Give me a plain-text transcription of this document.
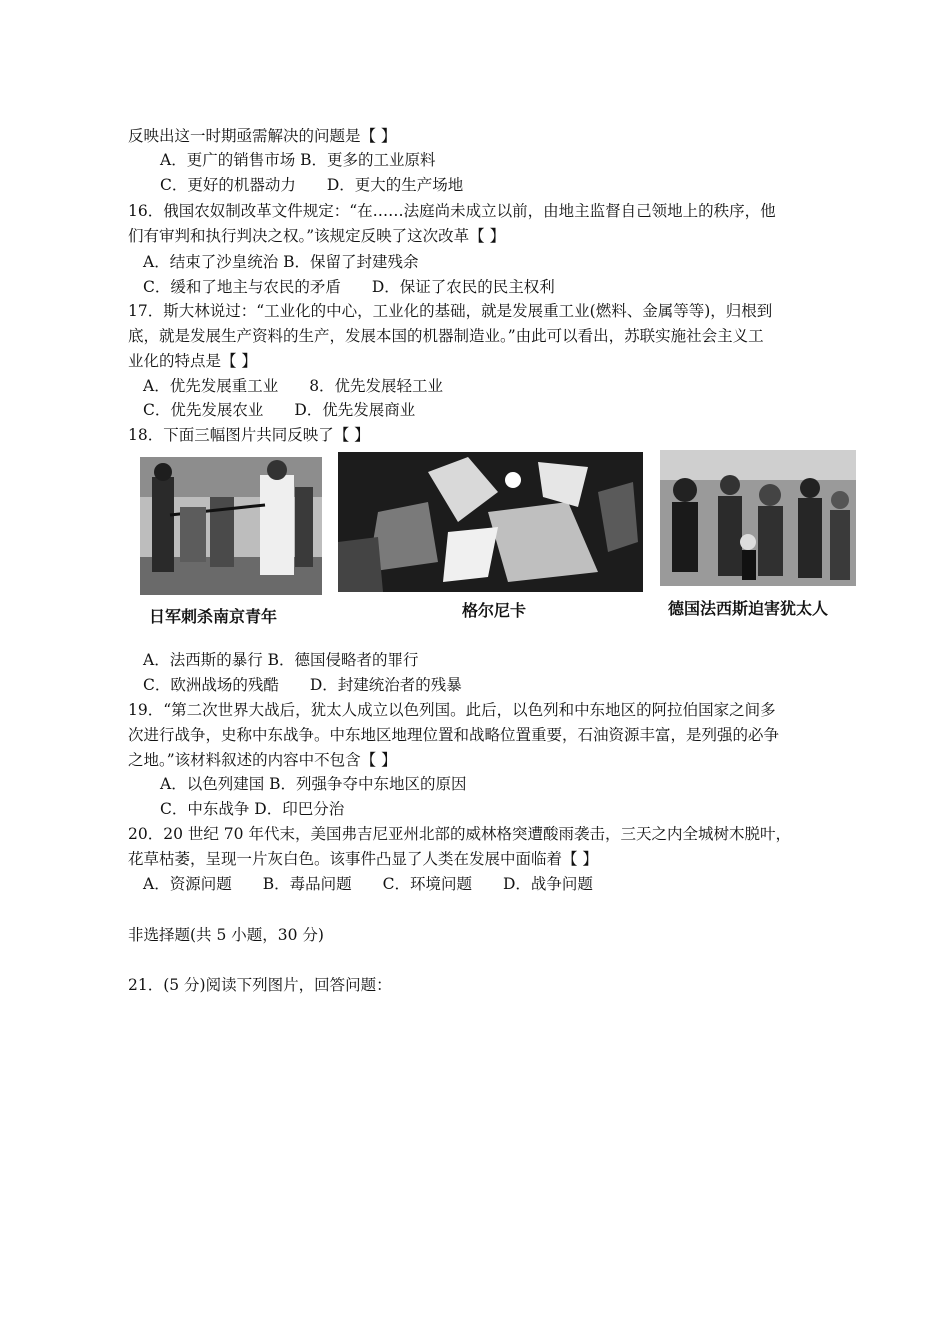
反映出这一时期亟需解决的问题是【 】
A．更广的销售市场 B．更多的工业原料
C．更好的机器动力　　D．更大的生产场地
16．俄国农奴制改革文件规定：“在……法庭尚未成立以前，由地主监督自己领地上的秩序，他
们有审判和执行判决之权。”该规定反映了这次改革【 】
A．结束了沙皇统治 B．保留了封建残余
C．缓和了地主与农民的矛盾　　D．保证了农民的民主权利
17．斯大林说过：“工业化的中心，工业化的基础，就是发展重工业(燃料、金属等等)，归根到
底，就是发展生产资料的生产，发展本国的机器制造业。”由此可以看出，苏联实施社会主义工
业化的特点是【 】
A．优先发展重工业　　8．优先发展轻工业
C．优先发展农业　　D．优先发展商业
18．下面三幅图片共同反映了【 】
日军刺杀南京青年	格尔尼卡	德国法西斯迫害犹太人
A．法西斯的暴行 B．德国侵略者的罪行
C．欧洲战场的残酷　　D．封建统治者的残暴
19．“第二次世界大战后，犹太人成立以色列国。此后，以色列和中东地区的阿拉伯国家之间多
次进行战争，史称中东战争。中东地区地理位置和战略位置重要，石油资源丰富，是列强的必争
之地。”该材料叙述的内容中不包含【 】
A．以色列建国 B．列强争夺中东地区的原因
C．中东战争 D．印巴分治
20．20 世纪 70 年代末，美国弗吉尼亚州北部的威林格突遭酸雨袭击，三天之内全城树木脱叶，
花草枯萎，呈现一片灰白色。该事件凸显了人类在发展中面临着【 】
A．资源问题　　B．毒品问题　　C．环境问题　　D．战争问题
非选择题(共 5 小题，30 分)
21．(5 分)阅读下列图片，回答问题：
